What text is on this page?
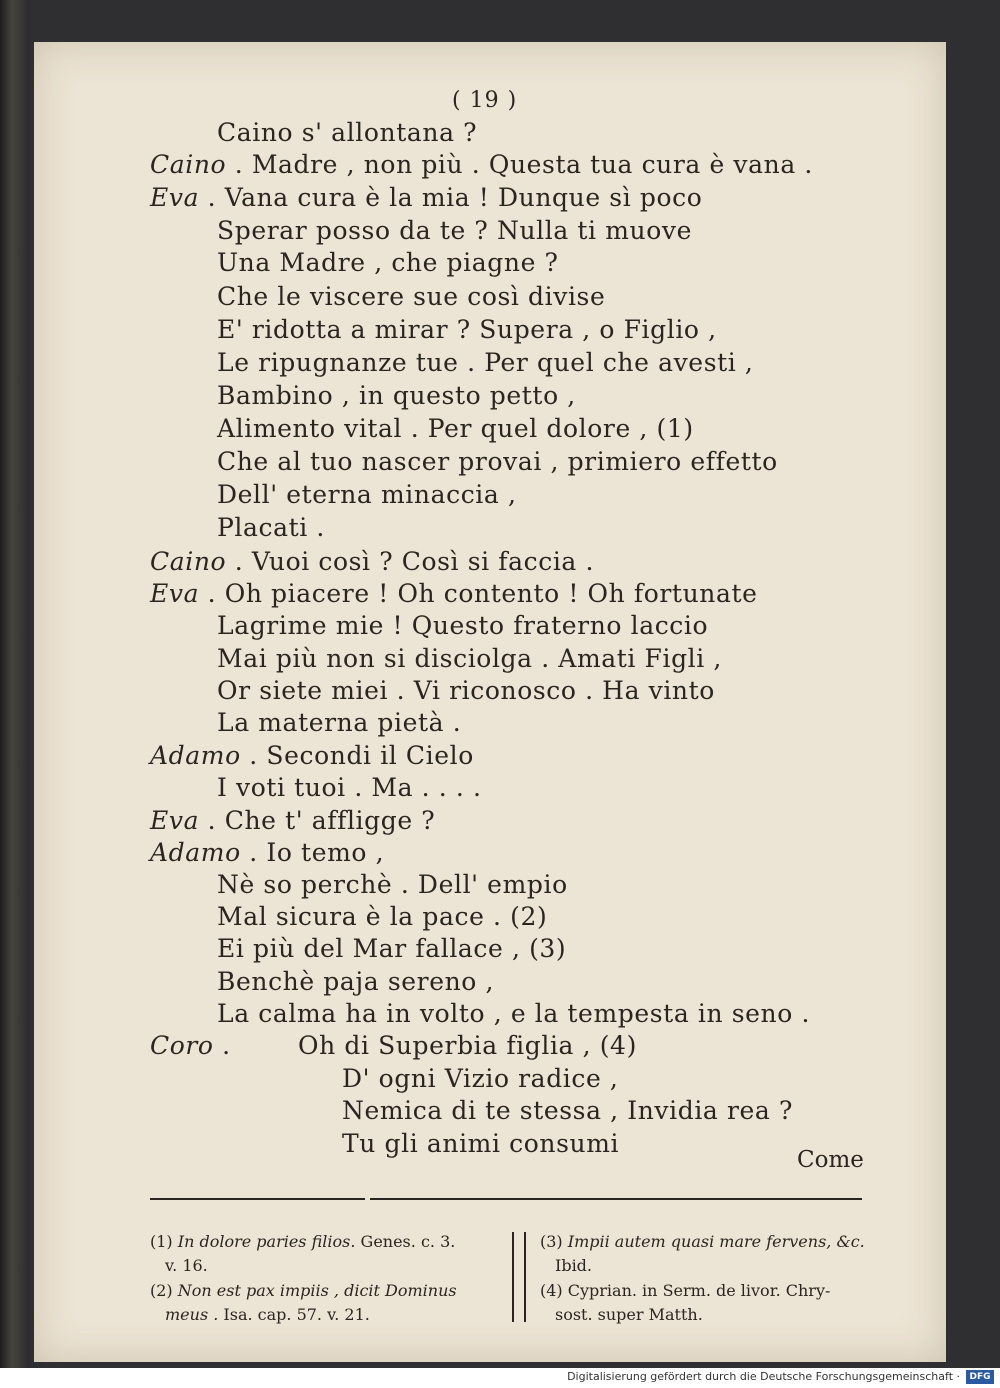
( 19 )
Caino s' allontana ?
Caino . Madre , non più . Questa tua cura è vana .
Eva . Vana cura è la mia ! Dunque sì poco
Sperar posso da te ? Nulla ti muove
Una Madre , che piagne ?
Che le viscere sue così divise
E' ridotta a mirar ? Supera , o Figlio ,
Le ripugnanze tue . Per quel che avesti ,
Bambino , in questo petto ,
Alimento vital . Per quel dolore , (1)
Che al tuo nascer provai , primiero effetto
Dell' eterna minaccia ,
Placati .
Caino . Vuoi così ? Così si faccia .
Eva . Oh piacere ! Oh contento ! Oh fortunate
Lagrime mie ! Questo fraterno laccio
Mai più non si disciolga . Amati Figli ,
Or siete miei . Vi riconosco . Ha vinto
La materna pietà .
Adamo . Secondi il Cielo
I voti tuoi . Ma . . . .
Eva . Che t' affligge ?
Adamo . Io temo ,
Nè so perchè . Dell' empio
Mal sicura è la pace . (2)
Ei più del Mar fallace , (3)
Benchè paja sereno ,
La calma ha in volto , e la tempesta in seno .
Coro .	Oh di Superbia figlia , (4)
D' ogni Vizio radice ,
Nemica di te stessa , Invidia rea ?
Tu gli animi consumi
Come
(1) In dolore paries filios. Genes. c. 3.
v. 16.
(2) Non est pax impiis , dicit Dominus
meus . Isa. cap. 57. v. 21.
(3) Impii autem quasi mare fervens, &c.
Ibid.
(4) Cyprian. in Serm. de livor. Chry-
sost. super Matth.
Digitalisierung gefördert durch die Deutsche Forschungsgemeinschaft ·	DFG
